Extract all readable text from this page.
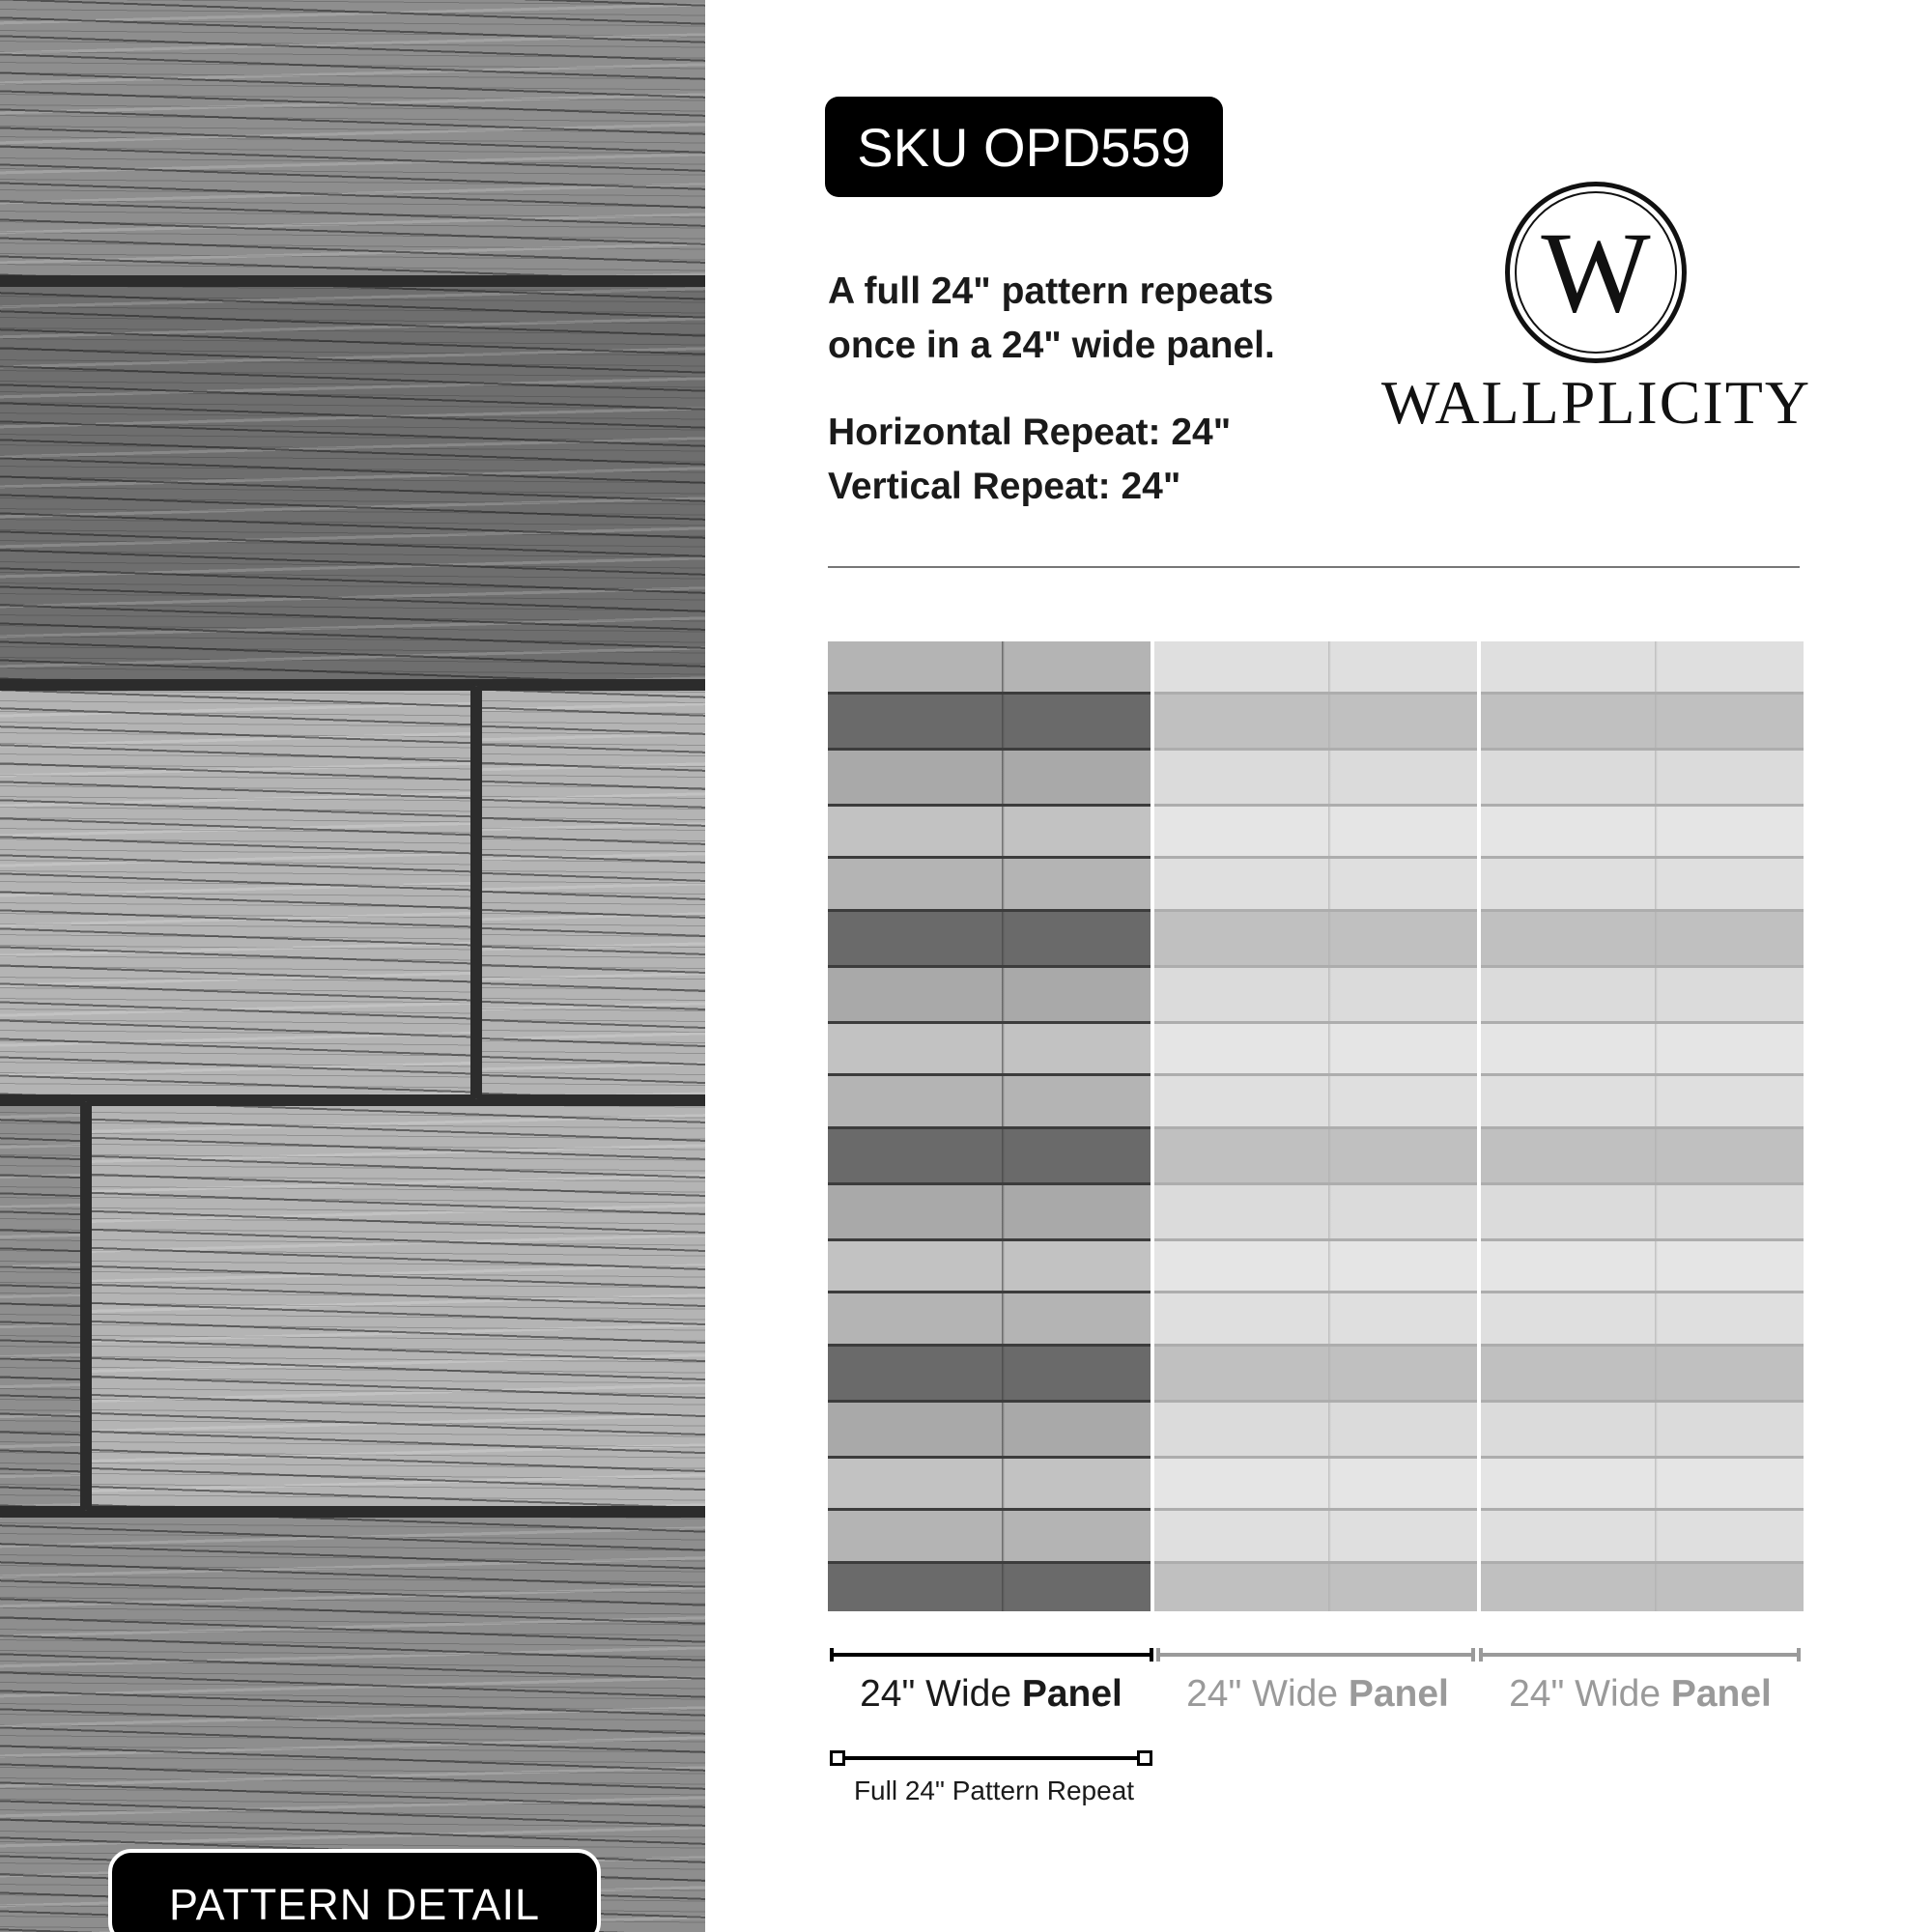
PATTERN DETAIL
SKU OPD559
A full 24" pattern repeats
once in a 24" wide panel.
Horizontal Repeat: 24"
Vertical Repeat: 24"
W
WALLPLICITY
24" Wide Panel	24" Wide Panel	24" Wide Panel
Full 24" Pattern Repeat
